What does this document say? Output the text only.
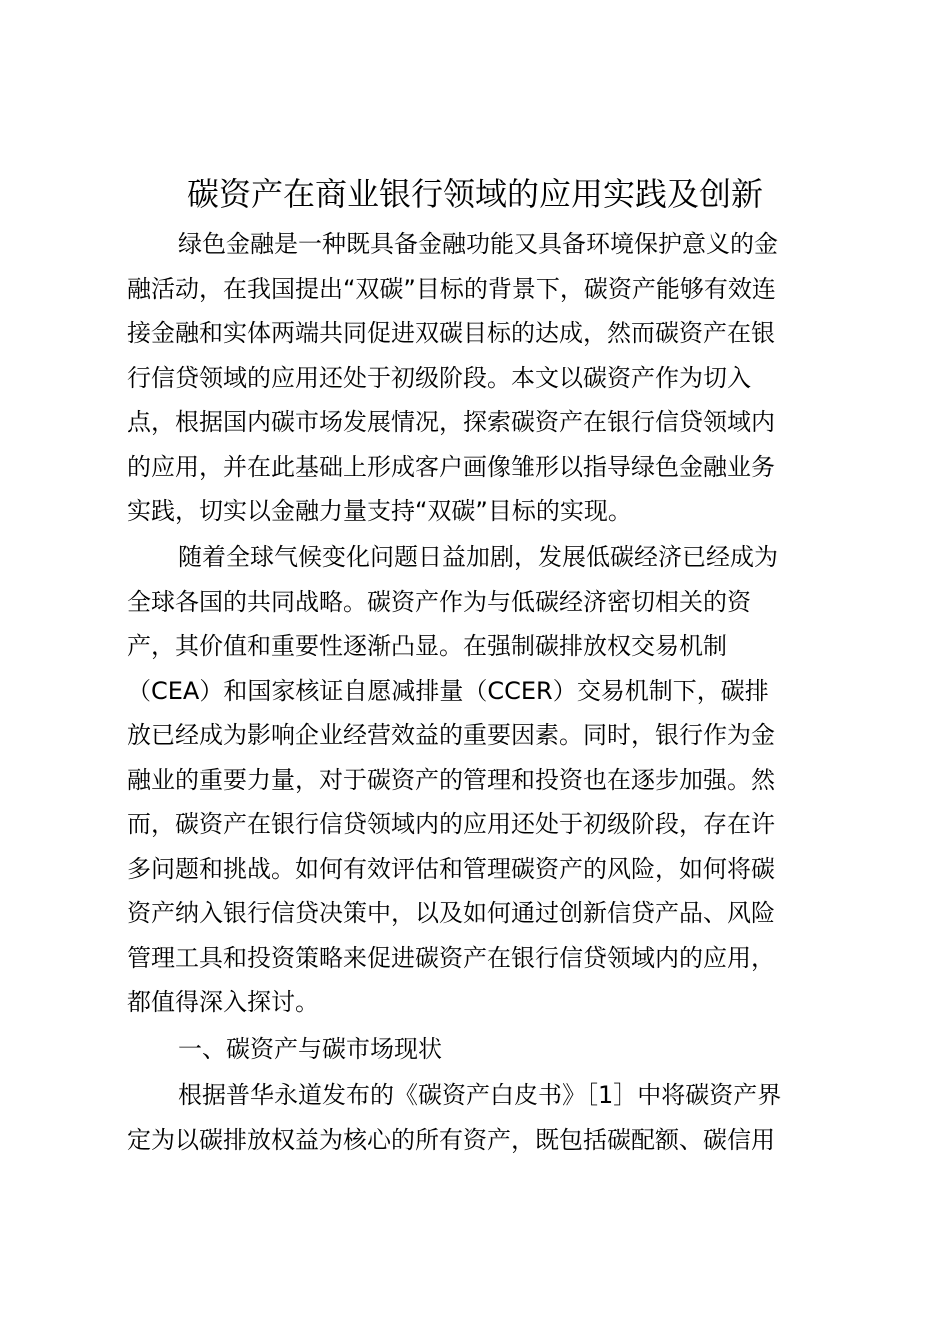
碳资产在商业银行领域的应用实践及创新
绿色金融是一种既具备金融功能又具备环境保护意义的金
融活动，在我国提出“双碳”目标的背景下，碳资产能够有效连
接金融和实体两端共同促进双碳目标的达成，然而碳资产在银
行信贷领域的应用还处于初级阶段。本文以碳资产作为切入
点，根据国内碳市场发展情况，探索碳资产在银行信贷领域内
的应用，并在此基础上形成客户画像雏形以指导绿色金融业务
实践，切实以金融力量支持“双碳”目标的实现。
随着全球气候变化问题日益加剧，发展低碳经济已经成为
全球各国的共同战略。碳资产作为与低碳经济密切相关的资
产，其价值和重要性逐渐凸显。在强制碳排放权交易机制
（CEA）和国家核证自愿减排量（CCER）交易机制下，碳排
放已经成为影响企业经营效益的重要因素。同时，银行作为金
融业的重要力量，对于碳资产的管理和投资也在逐步加强。然
而，碳资产在银行信贷领域内的应用还处于初级阶段，存在许
多问题和挑战。如何有效评估和管理碳资产的风险，如何将碳
资产纳入银行信贷决策中，以及如何通过创新信贷产品、风险
管理工具和投资策略来促进碳资产在银行信贷领域内的应用，
都值得深入探讨。
一、碳资产与碳市场现状
根据普华永道发布的《碳资产白皮书》［1］中将碳资产界
定为以碳排放权益为核心的所有资产，既包括碳配额、碳信用
